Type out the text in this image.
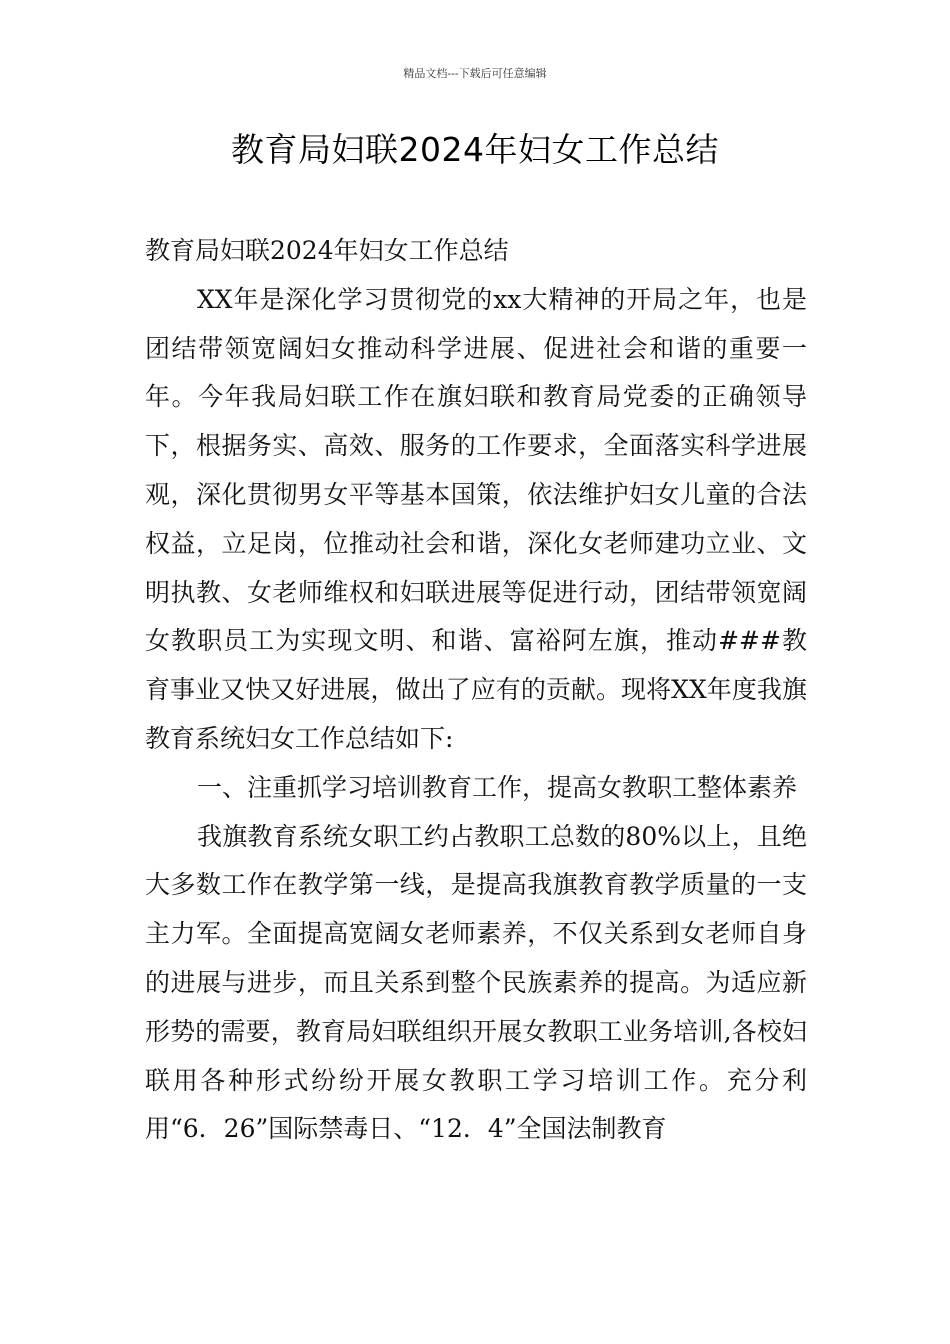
精品文档---下载后可任意编辑
教育局妇联2024年妇女工作总结

教育局妇联2024年妇女工作总结

XX年是深化学习贯彻党的xx大精神的开局之年，也是团结带领宽阔妇女推动科学进展、促进社会和谐的重要一年。今年我局妇联工作在旗妇联和教育局党委的正确领导下，根据务实、高效、服务的工作要求，全面落实科学进展观，深化贯彻男女平等基本国策，依法维护妇女儿童的合法权益，立足岗，位推动社会和谐，深化女老师建功立业、文明执教、女老师维权和妇联进展等促进行动，团结带领宽阔女教职员工为实现文明、和谐、富裕阿左旗，推动###教育事业又快又好进展，做出了应有的贡献。现将XX年度我旗教育系统妇女工作总结如下:

一、注重抓学习培训教育工作，提高女教职工整体素养

我旗教育系统女职工约占教职工总数的80%以上，且绝大多数工作在教学第一线，是提高我旗教育教学质量的一支主力军。全面提高宽阔女老师素养，不仅关系到女老师自身的进展与进步，而且关系到整个民族素养的提高。为适应新形势的需要，教育局妇联组织开展女教职工业务培训,各校妇联用各种形式纷纷开展女教职工学习培训工作。充分利用“6．26”国际禁毒日、“12．4”全国法制教育
